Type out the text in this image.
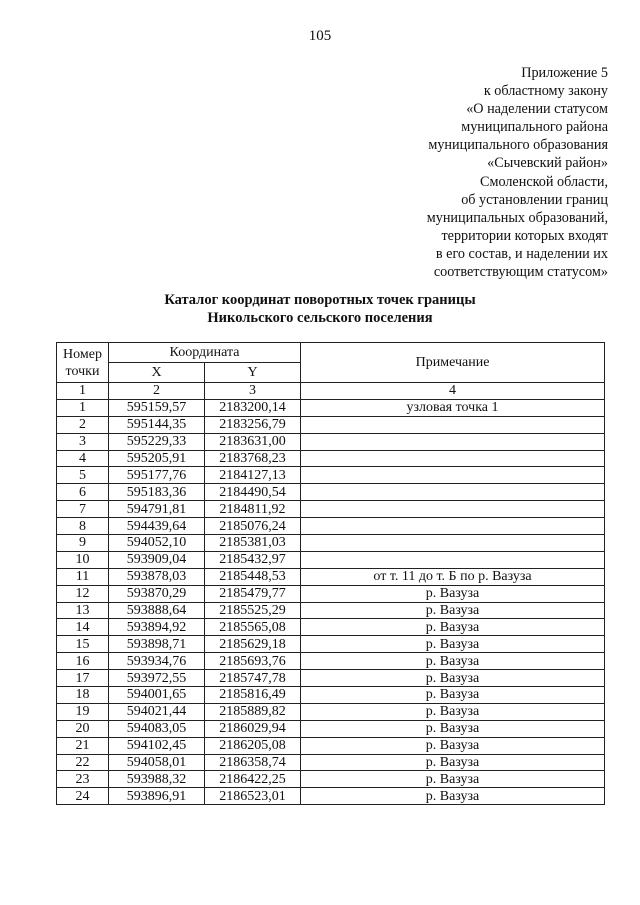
105
Приложение 5
к областному закону
«О наделении статусом
муниципального района
муниципального образования
«Сычевский район»
Смоленской области,
об установлении границ
муниципальных образований,
территории которых входят
в его состав, и наделении их
соответствующим статусом»
Каталог координат поворотных точек границы
Никольского сельского поселения
Номер точки	Координата		Примечание
	X	Y	
1	2	3	4
1	595159,57	2183200,14	узловая точка 1
2	595144,35	2183256,79	
3	595229,33	2183631,00	
4	595205,91	2183768,23	
5	595177,76	2184127,13	
6	595183,36	2184490,54	
7	594791,81	2184811,92	
8	594439,64	2185076,24	
9	594052,10	2185381,03	
10	593909,04	2185432,97	
11	593878,03	2185448,53	от т. 11 до т. Б по р. Вазуза
12	593870,29	2185479,77	р. Вазуза
13	593888,64	2185525,29	р. Вазуза
14	593894,92	2185565,08	р. Вазуза
15	593898,71	2185629,18	р. Вазуза
16	593934,76	2185693,76	р. Вазуза
17	593972,55	2185747,78	р. Вазуза
18	594001,65	2185816,49	р. Вазуза
19	594021,44	2185889,82	р. Вазуза
20	594083,05	2186029,94	р. Вазуза
21	594102,45	2186205,08	р. Вазуза
22	594058,01	2186358,74	р. Вазуза
23	593988,32	2186422,25	р. Вазуза
24	593896,91	2186523,01	р. Вазуза
